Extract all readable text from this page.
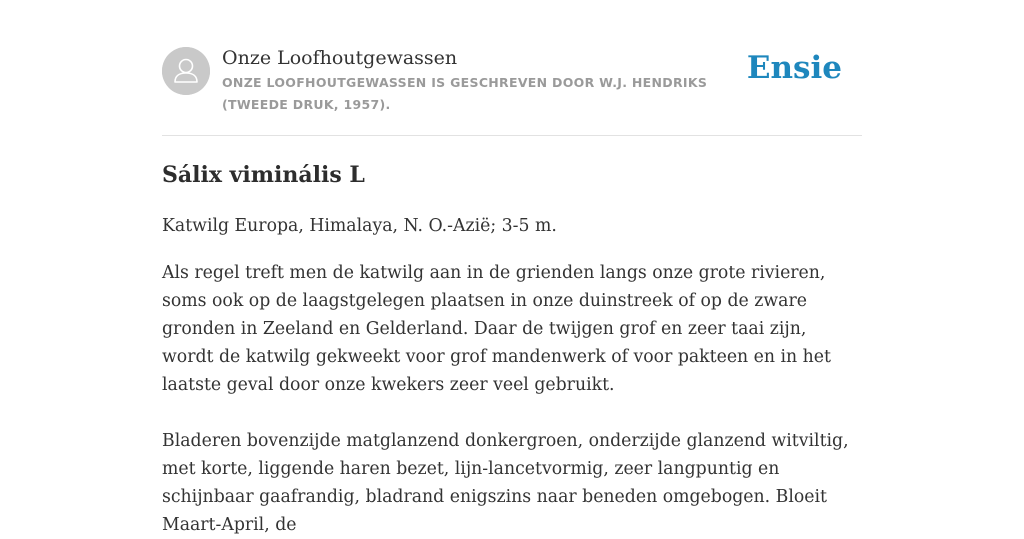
Onze Loofhoutgewassen

ONZE LOOFHOUTGEWASSEN IS GESCHREVEN DOOR W.J. HENDRIKS (TWEEDE DRUK, 1957).

Ensie
Sálix viminális L

Katwilg Europa, Himalaya, N. O.-Azië; 3-5 m.

Als regel treft men de katwilg aan in de grienden langs onze grote rivieren, soms ook op de laagstgelegen plaatsen in onze duinstreek of op de zware gronden in Zeeland en Gelderland. Daar de twijgen grof en zeer taai zijn, wordt de katwilg gekweekt voor grof mandenwerk of voor pakteen en in het laatste geval door onze kwekers zeer veel gebruikt.

Bladeren bovenzijde matglanzend donkergroen, onderzijde glanzend witviltig, met korte, liggende haren bezet, lijn-lancetvormig, zeer langpuntig en schijnbaar gaafrandig, bladrand enigszins naar beneden omgebogen. Bloeit Maart-April, de
